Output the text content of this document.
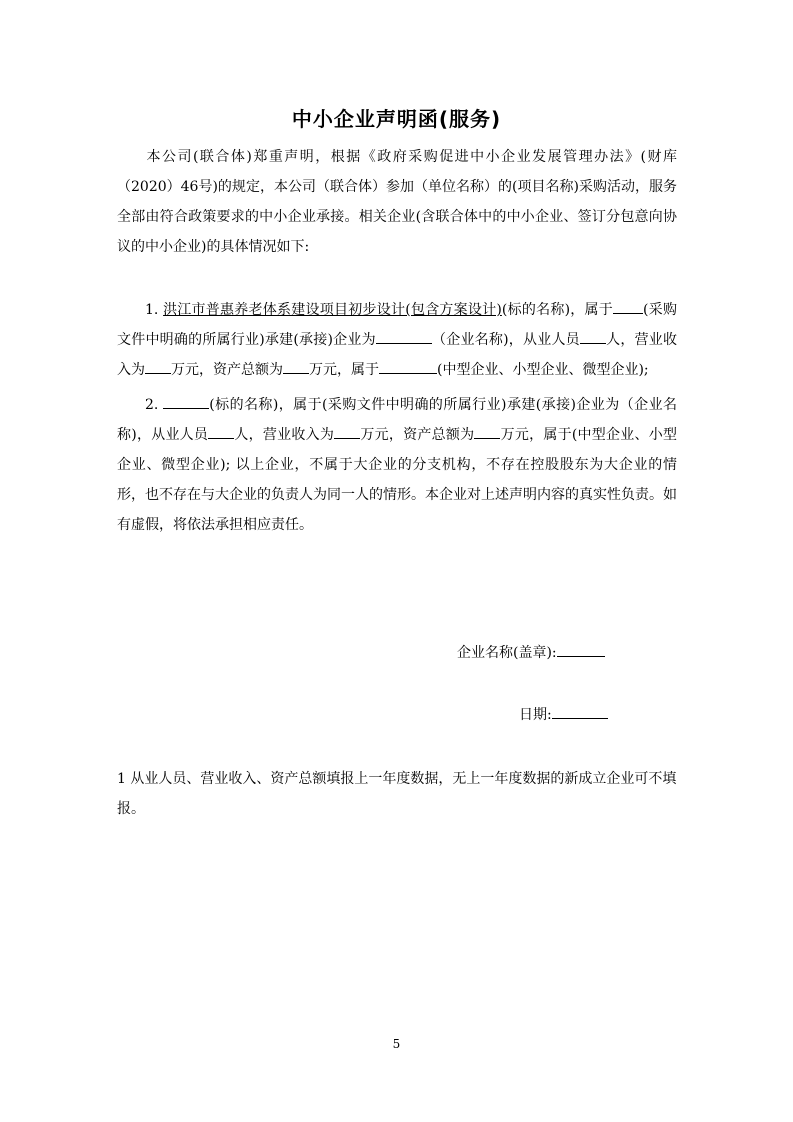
中小企业声明函(服务)
本公司(联合体)郑重声明，根据《政府采购促进中小企业发展管理办法》(财库（2020）46号)的规定，本公司（联合体）参加（单位名称）的(项目名称)采购活动，服务全部由符合政策要求的中小企业承接。相关企业(含联合体中的中小企业、签订分包意向协议的中小企业)的具体情况如下:
1. 洪江市普惠养老体系建设项目初步设计(包含方案设计)(标的名称)，属于 (采购文件中明确的所属行业)承建(承接)企业为	（企业名称)，从业人员 人，营业收入为 万元，资产总额为 万元，属于	(中型企业、小型企业、微型企业);
2.	(标的名称)，属于(采购文件中明确的所属行业)承建(承接)企业为（企业名称)，从业人员 人，营业收入为 万元，资产总额为 万元，属于(中型企业、小型企业、微型企业); 以上企业，不属于大企业的分支机构，不存在控股股东为大企业的情形，也不存在与大企业的负责人为同一人的情形。本企业对上述声明内容的真实性负责。如有虚假，将依法承担相应责任。
企业名称(盖章):
日期:
1 从业人员、营业收入、资产总额填报上一年度数据，无上一年度数据的新成立企业可不填报。
5
